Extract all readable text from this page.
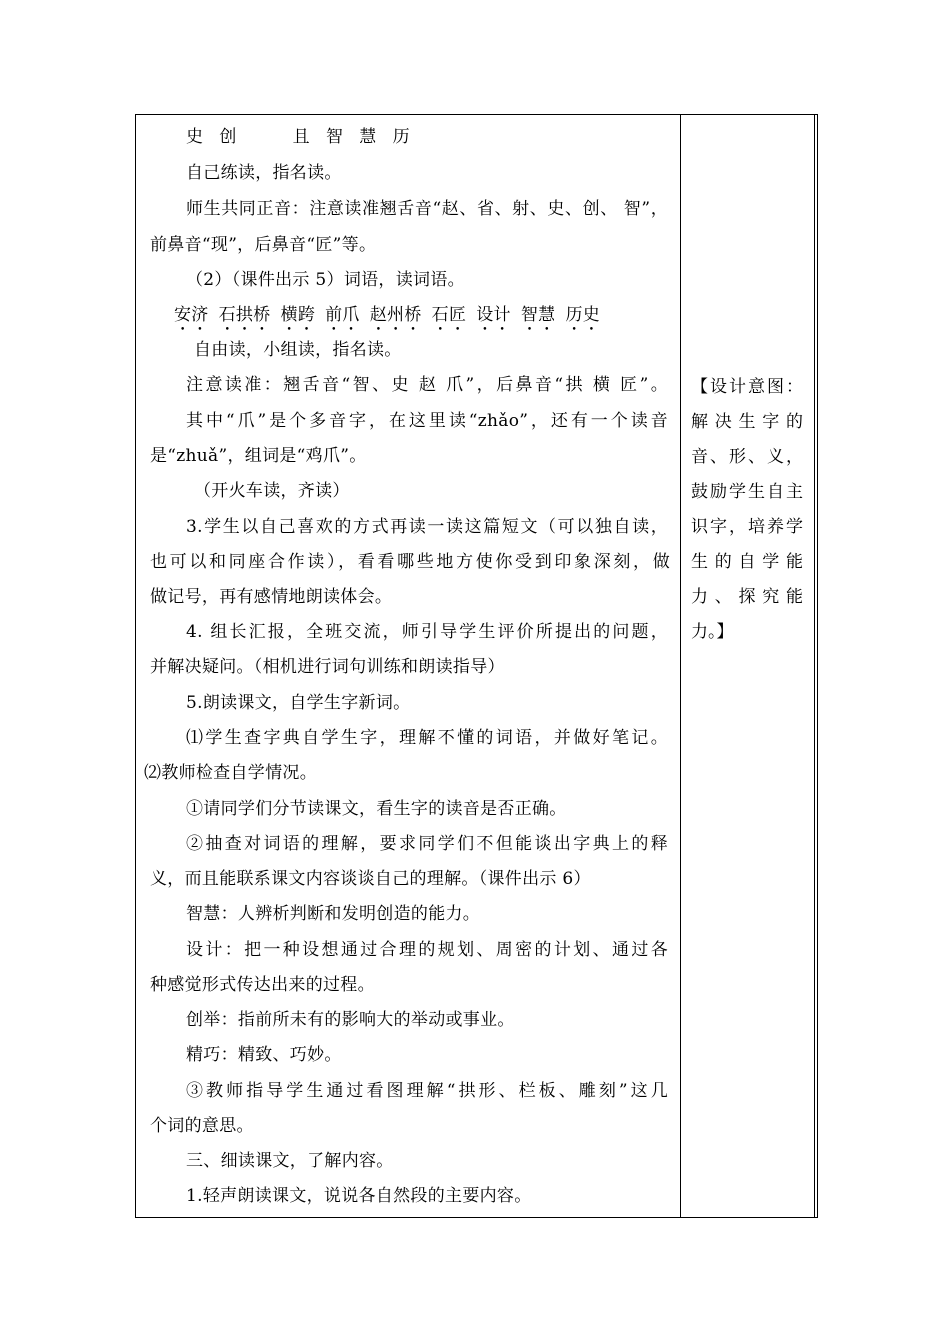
史 创	且 智 慧 历
自己练读，指名读。
师生共同正音：注意读准翘舌音“赵、省、射、史、创、 智”，
前鼻音“现”，后鼻音“匠”等。
（2）（课件出示 5）词语，读词语。
安济 石拱桥 横跨 前爪 赵州桥 石匠 设计 智慧 历史
自由读，小组读，指名读。
注意读准：翘舌音“智、史 赵 爪”，后鼻音“拱 横 匠”。
其中“爪”是个多音字，在这里读“zhǎo”，还有一个读音
是“zhuǎ”，组词是“鸡爪”。
（开火车读，齐读）
3.学生以自己喜欢的方式再读一读这篇短文（可以独自读，
也可以和同座合作读），看看哪些地方使你受到印象深刻，做
做记号，再有感情地朗读体会。
4. 组长汇报，全班交流，师引导学生评价所提出的问题，
并解决疑问。（相机进行词句训练和朗读指导）
5.朗读课文，自学生字新词。
⑴学生查字典自学生字，理解不懂的词语，并做好笔记。
⑵教师检查自学情况。
①请同学们分节读课文，看生字的读音是否正确。
②抽查对词语的理解，要求同学们不但能谈出字典上的释
义，而且能联系课文内容谈谈自己的理解。（课件出示 6）
智慧：人辨析判断和发明创造的能力。
设计：把一种设想通过合理的规划、周密的计划、通过各
种感觉形式传达出来的过程。
创举：指前所未有的影响大的举动或事业。
精巧：精致、巧妙。
③教师指导学生通过看图理解“拱形、栏板、雕刻”这几
个词的意思。
三、细读课文，了解内容。
1.轻声朗读课文，说说各自然段的主要内容。
【设计意图：
解决生字的
音、形、义，
鼓励学生自主
识字，培养学
生的自学能
力、探究能
力。】
